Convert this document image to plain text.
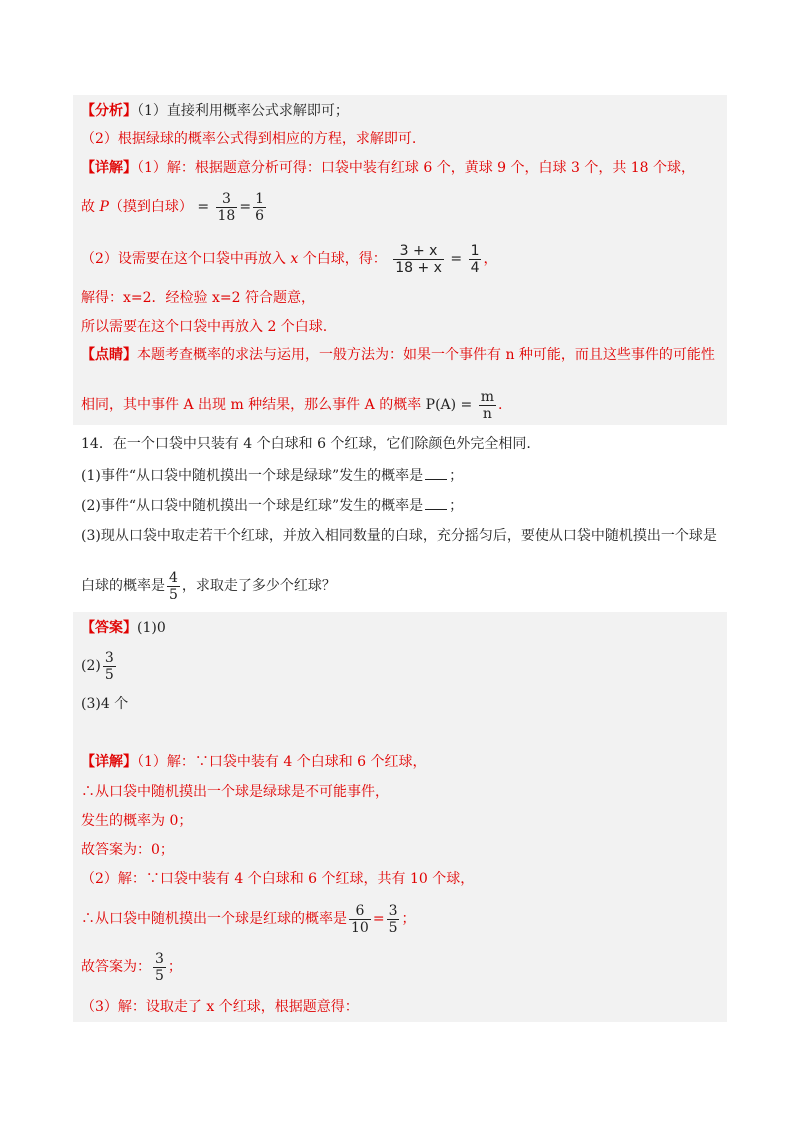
【分析】（1）直接利用概率公式求解即可；
（2）根据绿球的概率公式得到相应的方程，求解即可.
【详解】（1）解：根据题意分析可得：口袋中装有红球 6 个，黄球 9 个，白球 3 个，共 18 个球，
故 P（摸到白球） = $\frac{3}{18} = \frac{1}{6}$
（2）设需要在这个口袋中再放入 x 个白球，得： $\frac{3 + x}{18 + x} = \frac{1}{4}$ ，
解得：x=2．经检验 x=2 符合题意，
所以需要在这个口袋中再放入 2 个白球.
【点睛】本题考查概率的求法与运用，一般方法为：如果一个事件有 n 种可能，而且这些事件的可能性
相同，其中事件 A 出现 m 种结果，那么事件 A 的概率 $P(A) = \frac{m}{n}$ .
14．在一个口袋中只装有 4 个白球和 6 个红球，它们除颜色外完全相同.
(1)事件“从口袋中随机摸出一个球是绿球”发生的概率是 ；
(2)事件“从口袋中随机摸出一个球是红球”发生的概率是 ；
(3)现从口袋中取走若干个红球，并放入相同数量的白球，充分摇匀后，要使从口袋中随机摸出一个球是
白球的概率是 $\frac{4}{5}$ ，求取走了多少个红球？
【答案】(1)0
$(2) \frac{3}{5}$
(3)4 个
【详解】（1）解：∵口袋中装有 4 个白球和 6 个红球，
∴从口袋中随机摸出一个球是绿球是不可能事件，
发生的概率为 0；
故答案为：0；
（2）解：∵口袋中装有 4 个白球和 6 个红球，共有 10 个球，
∴从口袋中随机摸出一个球是红球的概率是 $\frac{6}{10} = \frac{3}{5}$ ；
故答案为： $\frac{3}{5}$ ；
（3）解：设取走了 x 个红球，根据题意得：
